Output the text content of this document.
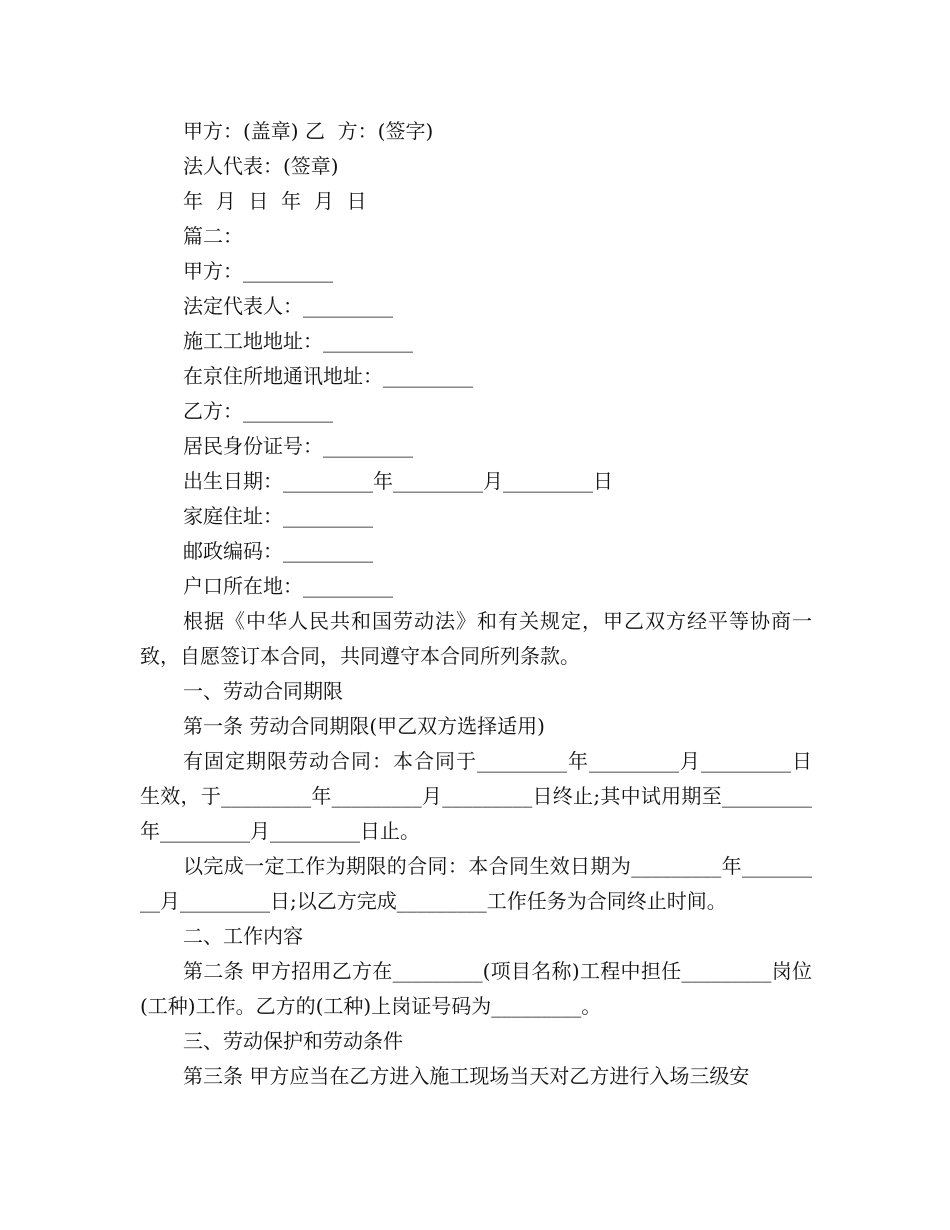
甲方：(盖章) 乙  方：(签字)

法人代表：(签章)

年  月  日  年  月  日

篇二：

甲方：_________

法定代表人：_________

施工工地地址：_________

在京住所地通讯地址：_________

乙方：_________

居民身份证号：_________

出生日期：_________年_________月_________日

家庭住址：_________

邮政编码：_________

户口所在地：_________

根据《中华人民共和国劳动法》和有关规定，甲乙双方经平等协商一致，自愿签订本合同，共同遵守本合同所列条款。

一、劳动合同期限

第一条 劳动合同期限(甲乙双方选择适用)

有固定期限劳动合同：本合同于_________年_________月_________日生效，于_________年_________月_________日终止;其中试用期至_________年_________月_________日止。

以完成一定工作为期限的合同：本合同生效日期为_________年_________月_________日;以乙方完成_________工作任务为合同终止时间。

二、工作内容

第二条 甲方招用乙方在_________(项目名称)工程中担任_________岗位(工种)工作。乙方的(工种)上岗证号码为_________。

三、劳动保护和劳动条件

第三条 甲方应当在乙方进入施工现场当天对乙方进行入场三级安
